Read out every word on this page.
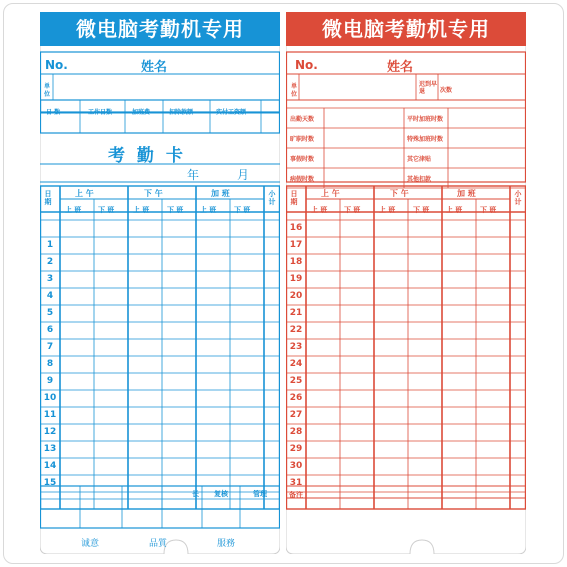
微电脑考勤机专用
No.	姓名
单位
日 数	工作日数	加班费	扣除款额	实付工资额
考 勤 卡
年	月
日期
上 午	下 午	加 班	小计
上 班 下 班	上 班	下 班 上 班	下 班
1
2
3
4
5
6
7
8
9
10
11
12
13
14
15
长 复核	管理
诚意	品質	服務
微电脑考勤机专用
No.	姓名
单位
迟到早退	次数
出勤天数	平时加班时数
旷职时数	特殊加班时数
事假时数	其它津贴
病假时数	其他扣款
日期
上 午	下 午	加 班	小计
上 班 下 班	上 班	下 班 上 班	下 班
16
17
18
19
20
21
22
23
24
25
26
27
28
29
30
31
备注
